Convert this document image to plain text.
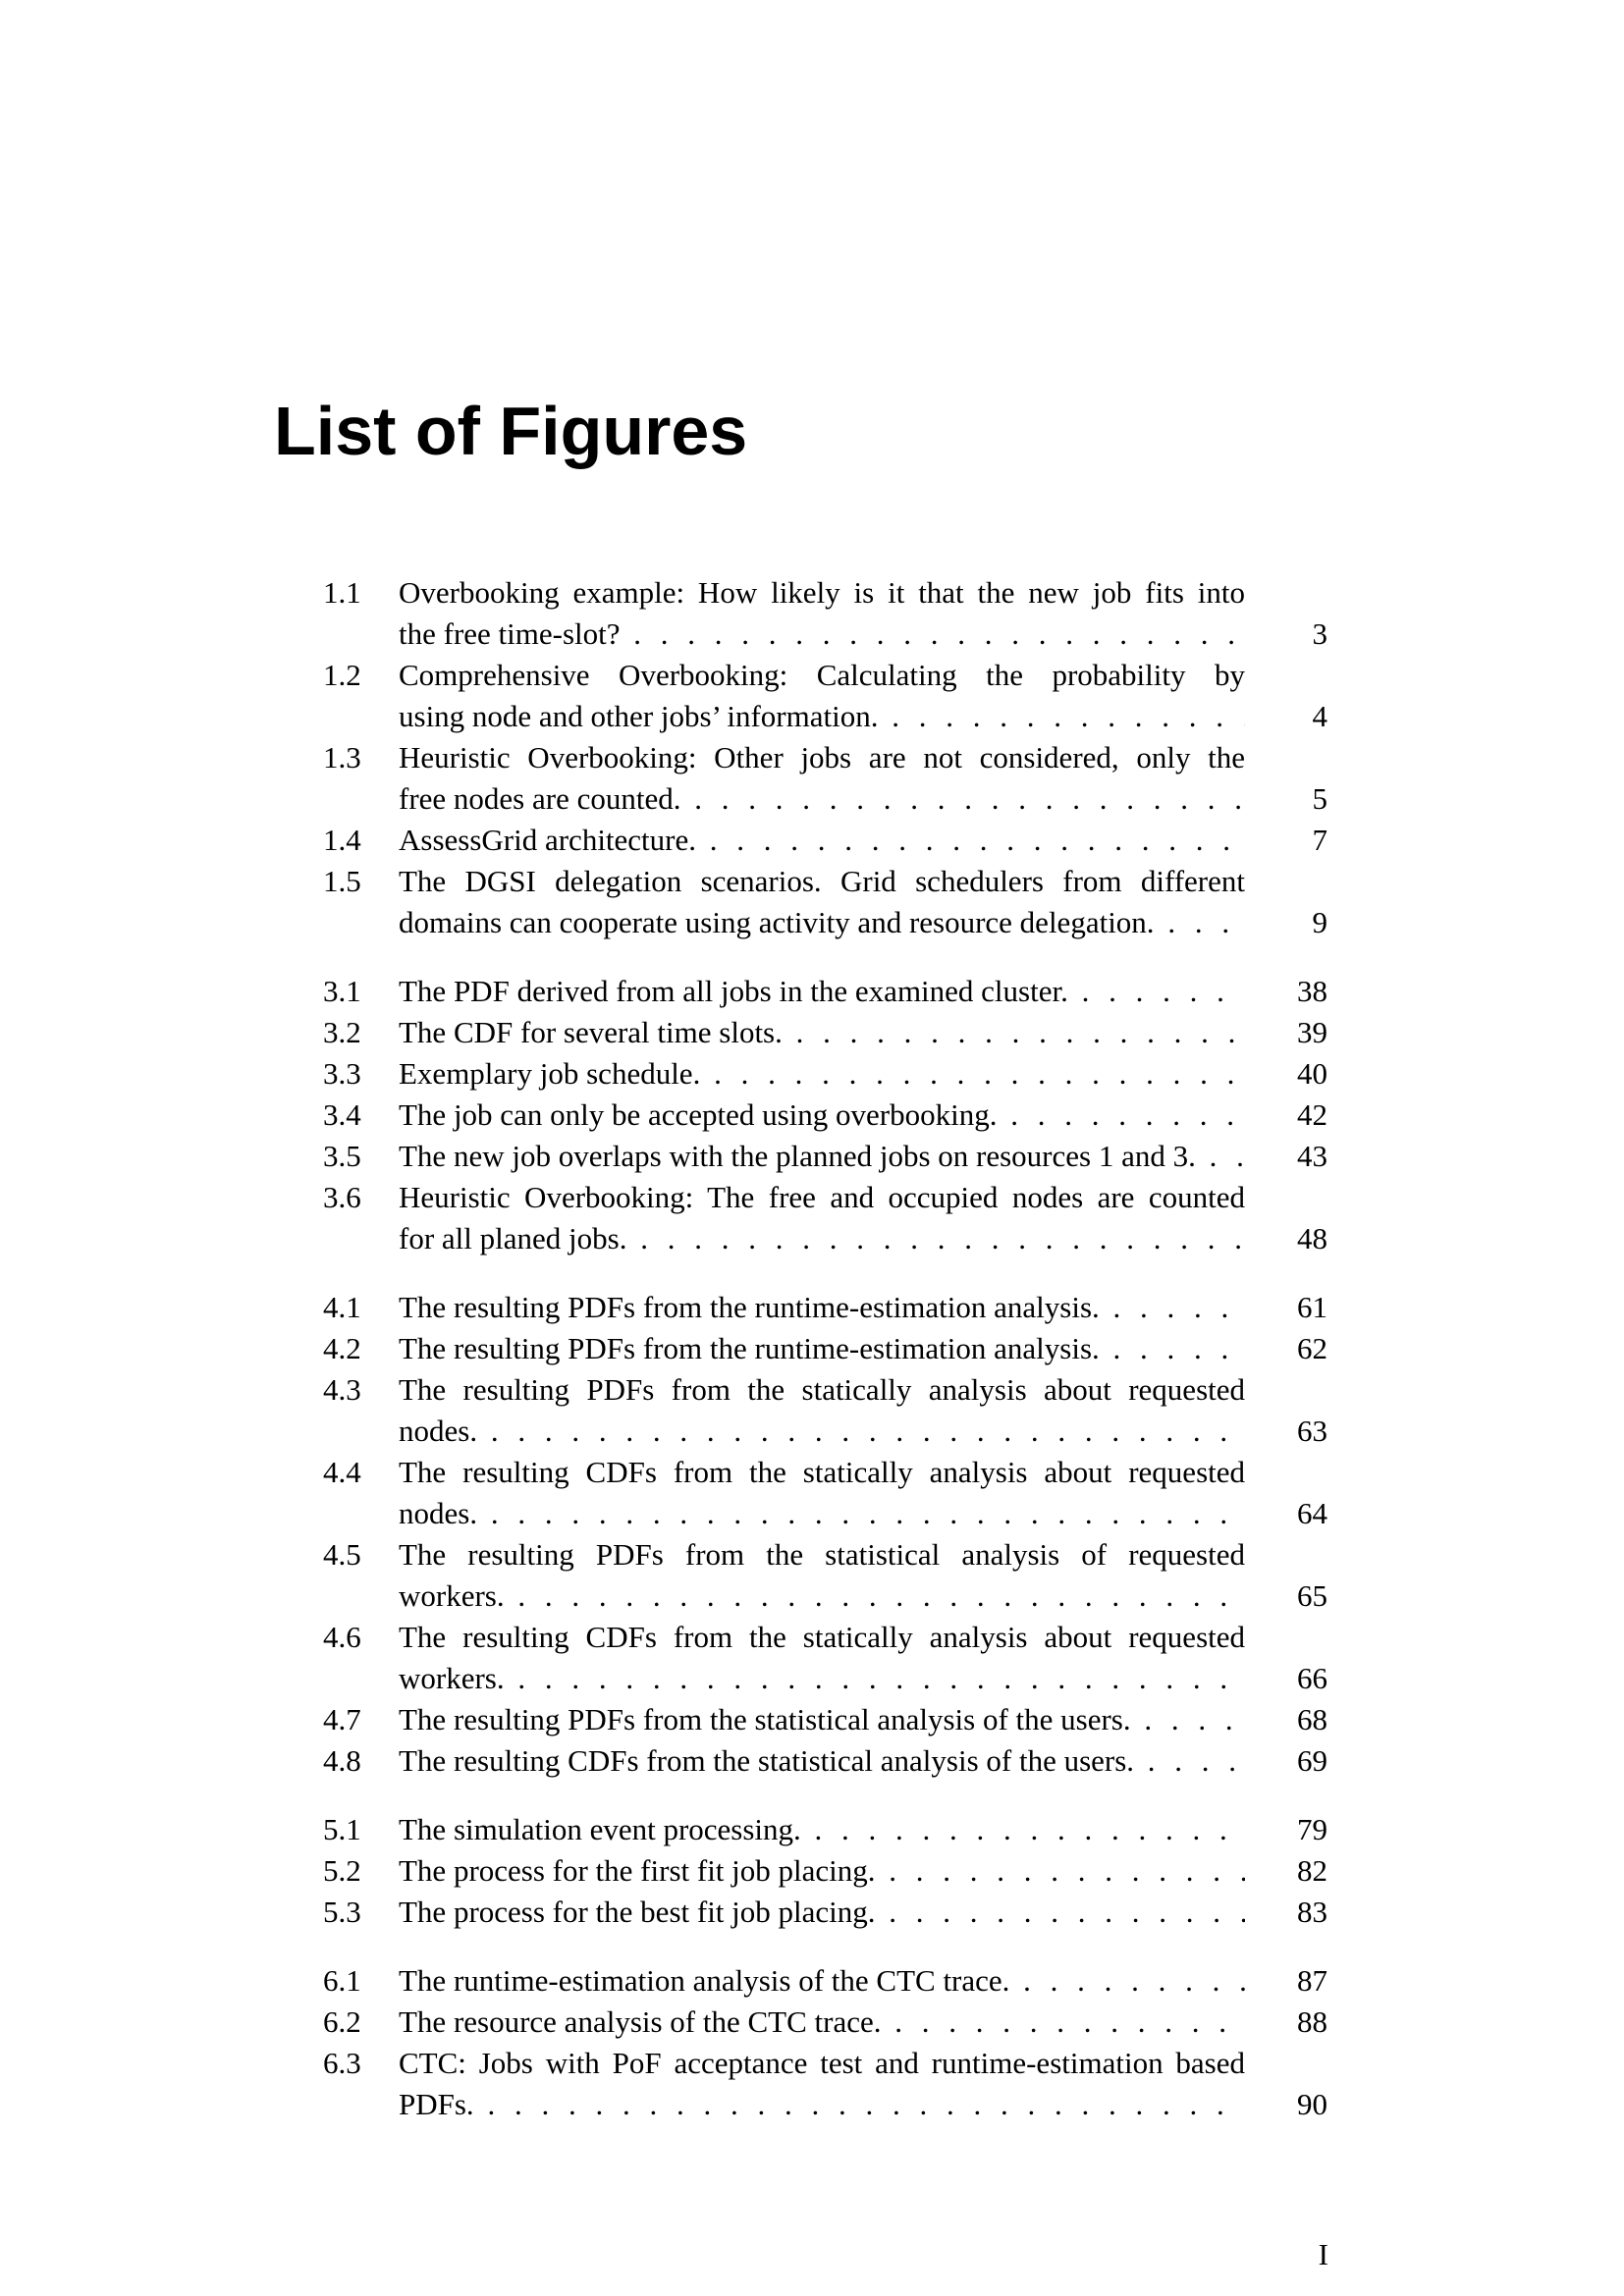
List of Figures
1.1 Overbooking example: How likely is it that the new job fits into
the free time-slot? . . .	3
1.2 Comprehensive Overbooking: Calculating the probability by
using node and other jobs’ information. . . .	4
1.3 Heuristic Overbooking: Other jobs are not considered, only the
free nodes are counted. . . .	5
1.4 AssessGrid architecture. . . .	7
1.5 The DGSI delegation scenarios. Grid schedulers from different
domains can cooperate using activity and resource delegation. . . .	9
3.1 The PDF derived from all jobs in the examined cluster. . . .	38
3.2 The CDF for several time slots. . . .	39
3.3 Exemplary job schedule. . . .	40
3.4 The job can only be accepted using overbooking. . . .	42
3.5 The new job overlaps with the planned jobs on resources 1 and 3. . . .	43
3.6 Heuristic Overbooking: The free and occupied nodes are counted
for all planed jobs. . . .	48
4.1 The resulting PDFs from the runtime-estimation analysis. . . .	61
4.2 The resulting PDFs from the runtime-estimation analysis. . . .	62
4.3 The resulting PDFs from the statically analysis about requested
nodes. . . .	63
4.4 The resulting CDFs from the statically analysis about requested
nodes. . . .	64
4.5 The resulting PDFs from the statistical analysis of requested
workers. . . .	65
4.6 The resulting CDFs from the statically analysis about requested
workers. . . .	66
4.7 The resulting PDFs from the statistical analysis of the users. . . .	68
4.8 The resulting CDFs from the statistical analysis of the users. . . .	69
5.1 The simulation event processing. . . .	79
5.2 The process for the first fit job placing. . . .	82
5.3 The process for the best fit job placing. . . .	83
6.1 The runtime-estimation analysis of the CTC trace. . . .	87
6.2 The resource analysis of the CTC trace. . . .	88
6.3 CTC: Jobs with PoF acceptance test and runtime-estimation based
PDFs. . . .	90
I
